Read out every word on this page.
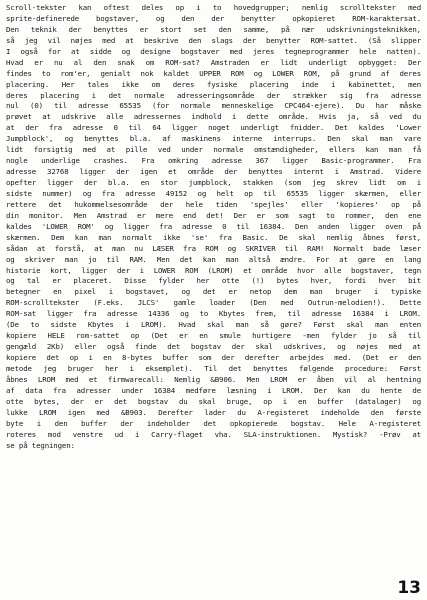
Scroll-tekster kan oftest deles op i to hovedgrupper; nemlig scrolltekster med
sprite-definerede bogstaver, og den der benytter opkopieret ROM-karaktersat.
Den teknik der benyttes er stort set den samme, på nær udskrivningsteknikken,
så jeg vil nøjes med at beskrive den slags der benytter ROM-sattet. (Så slipper
I også for at sidde og designe bogstaver med jeres tegneprogrammer hele natten).
Hvad er nu al den snak om ROM-sat? Amstraden er lidt underligt opbygget: Der
findes to rom'er, genialt nok kaldet UPPER ROM og LOWER ROM, på grund af deres
placering. Her tales ikke om deres fysiske placering inde i kabinettet, men
deres placering i det normale adresseringsområde der strækker sig fra adresse
nul (0) til adresse 65535 (for normale menneskelige CPC464-ejere). Du har måske
prøvet at udskrive alle adressernes indhold i dette område. Hvis ja, så ved du
at der fra adresse 0 til 64 ligger noget underligt fnidder. Det kaldes 'Lower
Jumpblock', og benyttes bl.a. af maskinens interne interrups. Den skal man vare
lidt forsigtig med at pille ved under normale omstændigheder, ellers kan man få
nogle underlige crashes. Fra omkring adresse 367 ligger Basic-programmer. Fra
adresse 32768 ligger der igen et område der benyttes internt i Amstrad. Videre
opefter ligger der bl.a. en stor jumpblock, stakken (som jeg skrev lidt om i
sidste nummer) og fra adresse 49152 og helt op til 65535 ligger skærmen, eller
rettere det hukommelsesområde der hele tiden 'spejles' eller 'kopieres' op på
din monitor. Men Amstrad er mere end det! Der er som sagt to rommer, den ene
kaldes 'LOWER ROM' og ligger fra adresse 0 til 16384. Den anden ligger oven på
skærmen. Dem kan man normalt ikke 'se' fra Basic. De skal nemlig åbnes først,
sådan at forstå, at man nu LÆSER fra ROM og SKRIVER til RAM! Normalt bade læser
og skriver man jo til RAM. Men det kan man altså ændre. For at gøre en lang
historie kort, ligger der i LOWER ROM (LROM) et område hvor alle bogstaver, tegn
og tal er placeret. Disse fylder her otte (!) bytes hver, fordi hver bit
betegner en pixel i bogstavet, og det er netop dem man bruger i typiske
ROM-scrolltekster (F.eks. JLCS' gamle loader (Den med Outrun-melodien!). Dette
ROM-sat ligger fra adresse 14336 og to Kbytes frem, til adresse 16384 i LROM.
(De to sidste Kbytes i LROM). Hvad skal man så gøre? Først skal man enten
kopiere HELE rom-sattet op (Det er en smule hurtigere -men fylder jo så til
gengæld 2Kb) eller også finde det bogstav der skal udskrives, og nøjes med at
kopiere det op i en 8-bytes buffer som der derefter arbejdes med. (Det er den
metode jeg bruger her i eksemplet). Til det benyttes følgende procedure: Først
åbnes LROM med et firmwarecall: Nemlig &B906. Men LROM er åben vil al hentning
af data fra adresser under 16384 medføre læsning i LROM. Der kan du hente de
otte bytes, der er det bogstav du skal bruge, op i en buffer (datalager) og
lukke LROM igen med &B903. Derefter lader du A-registeret indeholde den første
byte i den buffer der indeholder det opkopierede bogstav. Hele A-registeret
roteres mod venstre ud i Carry-flaget vha. SLA-instruktionen. Mystisk? -Prøv at
se på tegningen:
13
